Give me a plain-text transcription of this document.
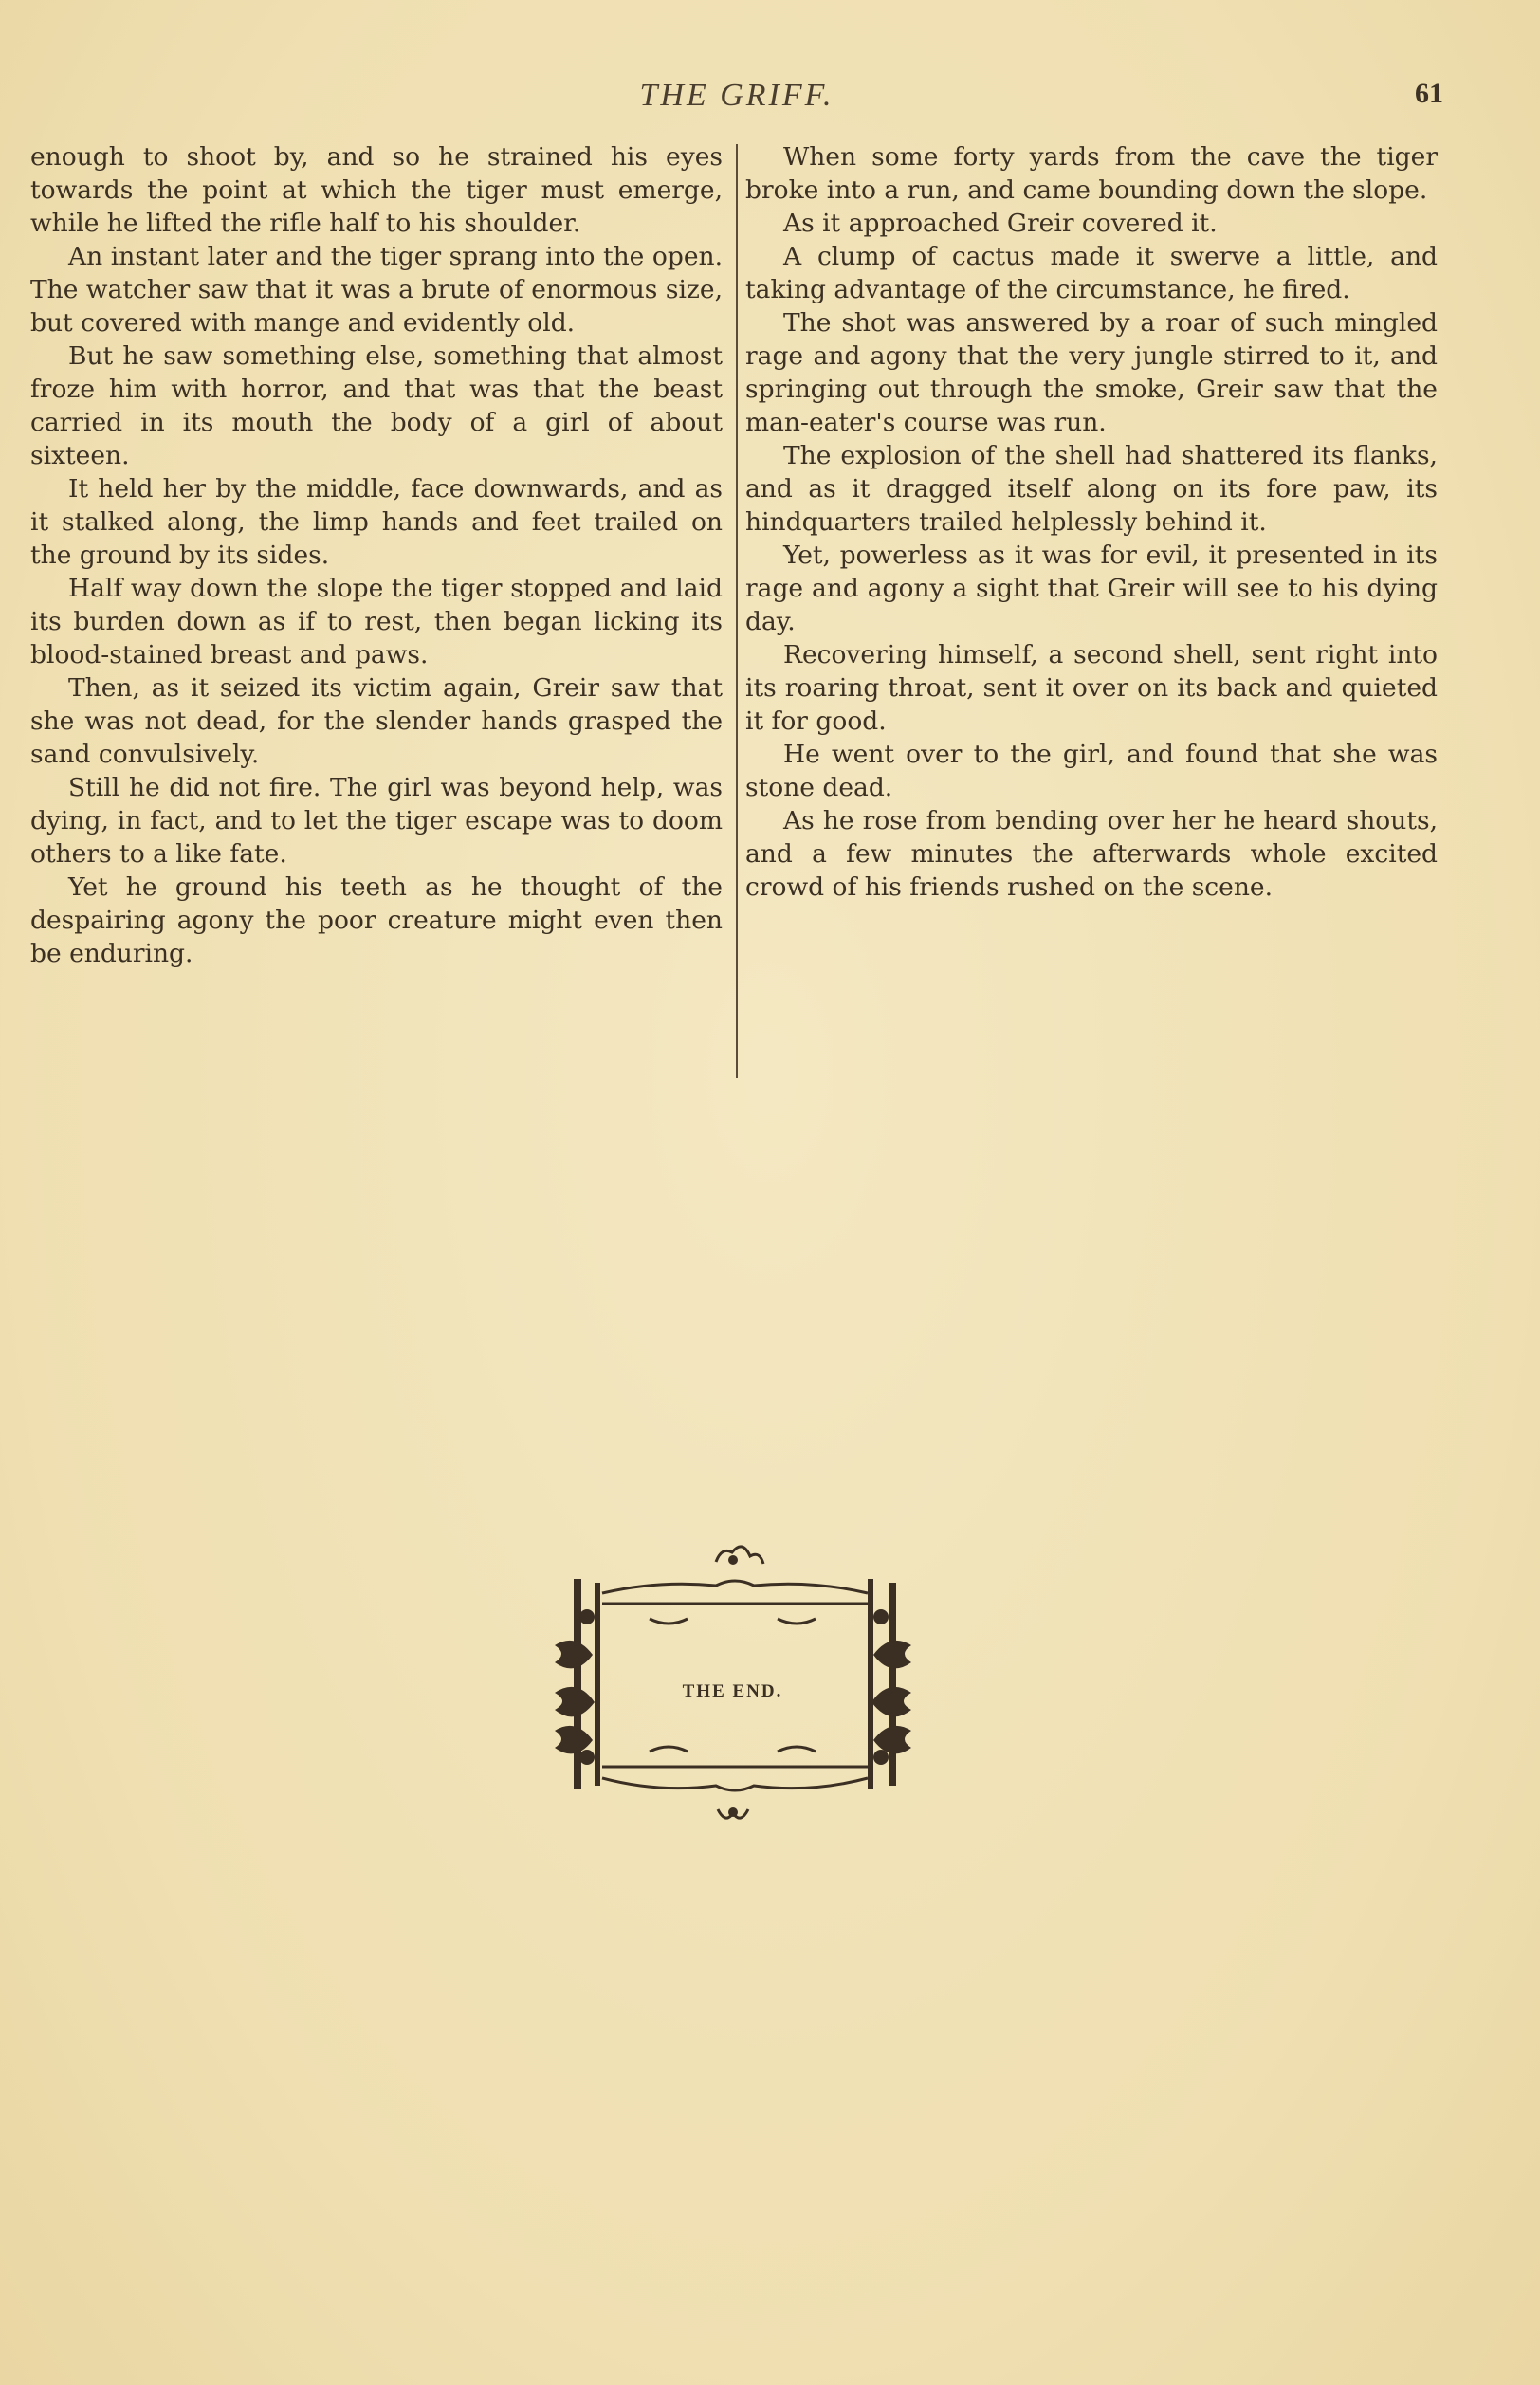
THE GRIFF.	61

enough to shoot by, and so he strained his eyes towards the point at which the tiger must emerge, while he lifted the rifle half to his shoulder.

An instant later and the tiger sprang into the open. The watcher saw that it was a brute of enormous size, but covered with mange and evidently old.

But he saw something else, something that almost froze him with horror, and that was that the beast carried in its mouth the body of a girl of about sixteen.

It held her by the middle, face downwards, and as it stalked along, the limp hands and feet trailed on the ground by its sides.

Half way down the slope the tiger stopped and laid its burden down as if to rest, then began licking its blood-stained breast and paws.

Then, as it seized its victim again, Greir saw that she was not dead, for the slender hands grasped the sand convulsively.

Still he did not fire. The girl was beyond help, was dying, in fact, and to let the tiger escape was to doom others to a like fate.

Yet he ground his teeth as he thought of the despairing agony the poor creature might even then be enduring.

When some forty yards from the cave the tiger broke into a run, and came bounding down the slope.

As it approached Greir covered it.

A clump of cactus made it swerve a little, and taking advantage of the circumstance, he fired.

The shot was answered by a roar of such mingled rage and agony that the very jungle stirred to it, and springing out through the smoke, Greir saw that the man-eater's course was run.

The explosion of the shell had shattered its flanks, and as it dragged itself along on its fore paw, its hindquarters trailed helplessly behind it.

Yet, powerless as it was for evil, it presented in its rage and agony a sight that Greir will see to his dying day.

Recovering himself, a second shell, sent right into its roaring throat, sent it over on its back and quieted it for good.

He went over to the girl, and found that she was stone dead.

As he rose from bending over her he heard shouts, and a few minutes the afterwards whole excited crowd of his friends rushed on the scene.

THE END.
